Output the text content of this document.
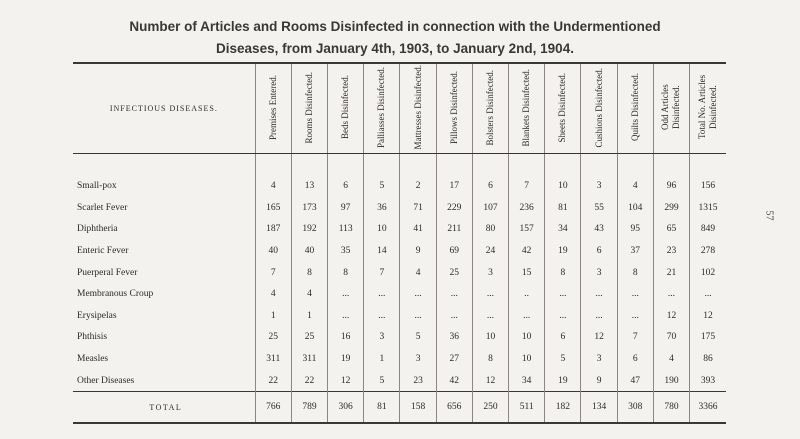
Number of Articles and Rooms Disinfected in connection with the Undermentioned
Diseases, from January 4th, 1903, to January 2nd, 1904.
57
INFECTIOUS DISEASES.	Premises Entered.	Rooms Disinfected.	Beds Disinfected.	Palliasses Disinfected.	Mattresses Disinfected.	Pillows Disinfected.	Bolsters Disinfected.	Blankets Disinfected.	Sheets Disinfected.	Cushions Disinfected.	Quilts Disinfected.	Odd Articles Disinfected.	Total No. Articles Disinfected.
Small-pox	4	13	6	5	2	17	6	7	10	3	4	96	156
Scarlet Fever	165	173	97	36	71	229	107	236	81	55	104	299	1315
Diphtheria	187	192	113	10	41	211	80	157	34	43	95	65	849
Enteric Fever	40	40	35	14	9	69	24	42	19	6	37	23	278
Puerperal Fever	7	8	8	7	4	25	3	15	8	3	8	21	102
Membranous Croup	4	4	...	...	...	...	...	..	...	...	...	...	...
Erysipelas	1	1	...	...	...	...	...	...	...	...	...	12	12
Phthisis	25	25	16	3	5	36	10	10	6	12	7	70	175
Measles	311	311	19	1	3	27	8	10	5	3	6	4	86
Other Diseases	22	22	12	5	23	42	12	34	19	9	47	190	393
TOTAL	766	789	306	81	158	656	250	511	182	134	308	780	3366
